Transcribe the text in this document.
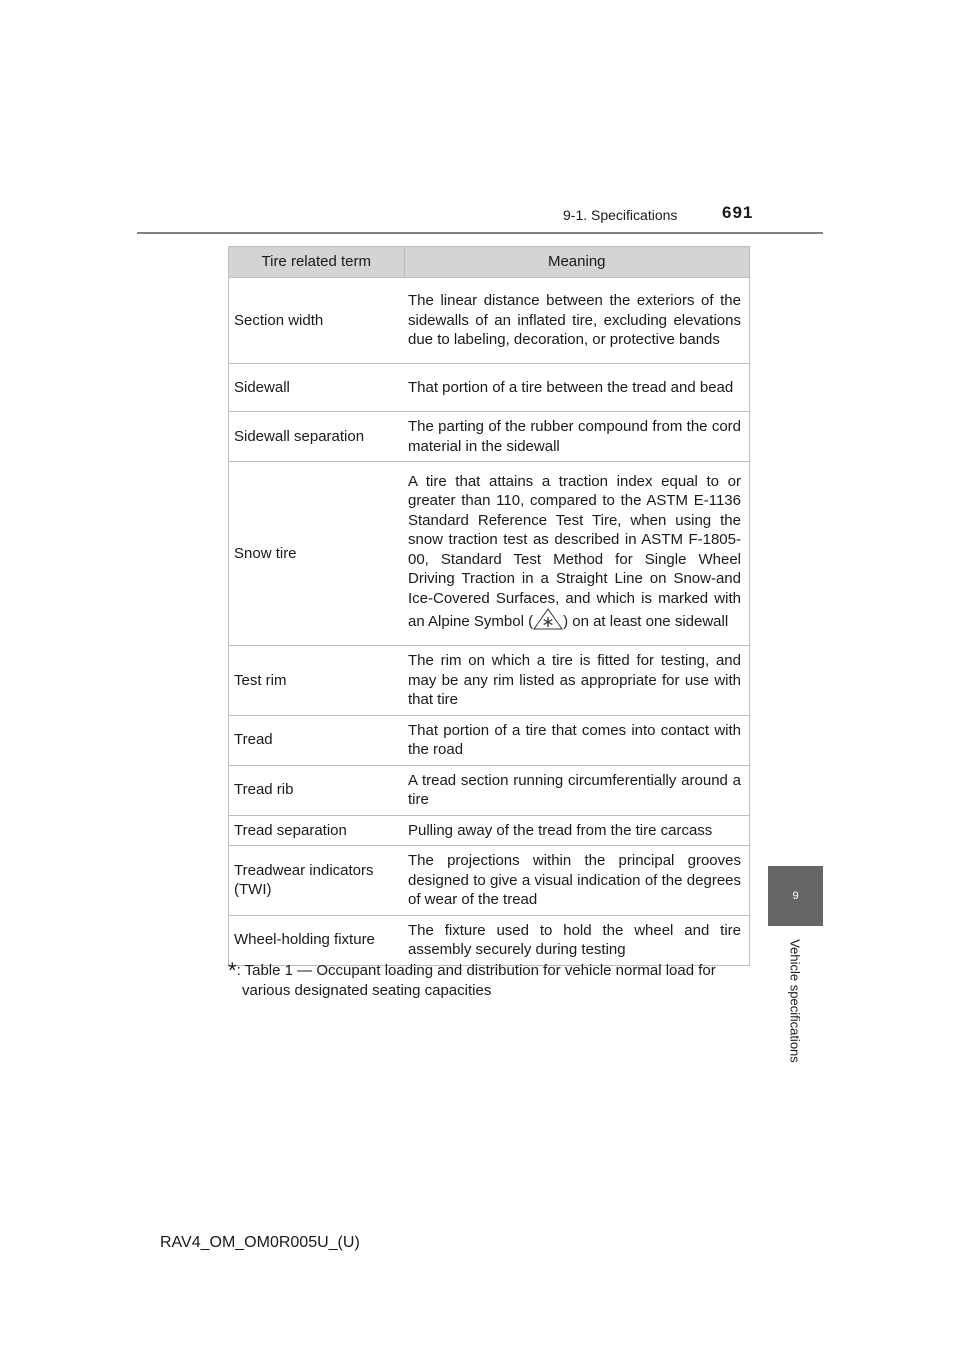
9-1. Specifications	691
9
Vehicle specifications
Tire related term	Meaning
Section width	The linear distance between the exteriors of the sidewalls of an inflated tire, excluding elevations due to labeling, decoration, or protective bands
Sidewall	That portion of a tire between the tread and bead
Sidewall separation	The parting of the rubber compound from the cord material in the sidewall
Snow tire	A tire that attains a traction index equal to or greater than 110, compared to the ASTM E-1136 Standard Reference Test Tire, when using the snow traction test as described in ASTM F-1805-00, Standard Test Method for Single Wheel Driving Traction in a Straight Line on Snow-and Ice-Covered Surfaces, and which is marked with an Alpine Symbol ( ) on at least one sidewall
Test rim	The rim on which a tire is fitted for testing, and may be any rim listed as appropriate for use with that tire
Tread	That portion of a tire that comes into contact with the road
Tread rib	A tread section running circumferentially around a tire
Tread separation	Pulling away of the tread from the tire carcass
Treadwear indicators (TWI)	The projections within the principal grooves designed to give a visual indication of the degrees of wear of the tread
Wheel-holding fixture	The fixture used to hold the wheel and tire assembly securely during testing
*: Table 1 — Occupant loading and distribution for vehicle normal load for
various designated seating capacities
RAV4_OM_OM0R005U_(U)
